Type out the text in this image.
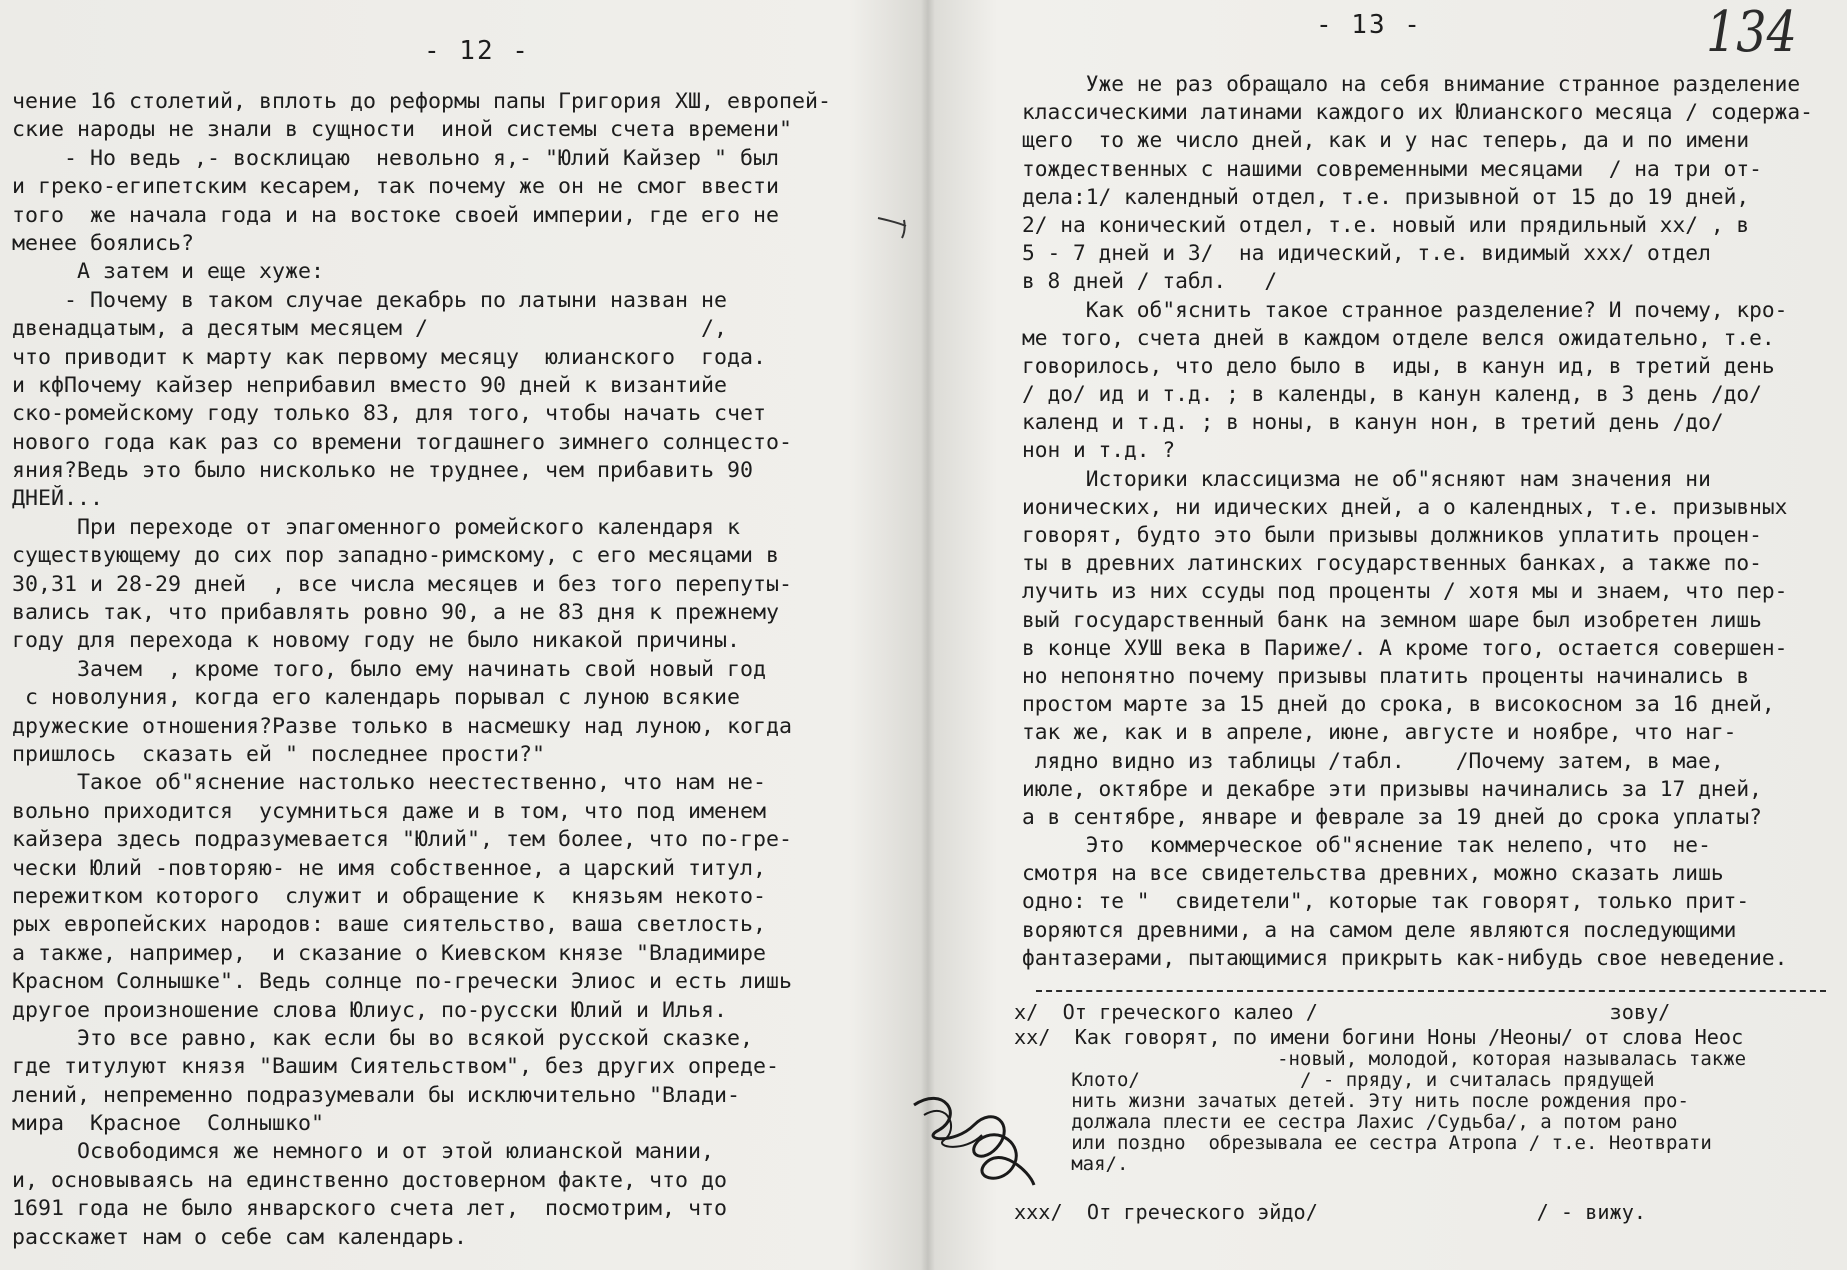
- 12 -
чение 16 столетий, вплоть до реформы папы Григория ХШ, европей-
ские народы не знали в сущности  иной системы счета времени"
- Но ведь ,- восклицаю  невольно я,- "Юлий Кайзер " был
и греко-египетским кесарем, так почему же он не смог ввести
того  же начала года и на востоке своей империи, где его не
менее боялись?
А затем и еще хуже:
- Почему в таком случае декабрь по латыни назван не
двенадцатым, а десятым месяцем /                     /,
что приводит к марту как первому месяцу  юлианского  года.
и кфПочему кайзер неприбавил вместо 90 дней к византийе
ско-ромейскому году только 83, для того, чтобы начать счет
нового года как раз со времени тогдашнего зимнего солнцесто-
яния?Ведь это было нисколько не труднее, чем прибавить 90
ДНЕЙ...
При переходе от эпагоменного ромейского календаря к
существующему до сих пор западно-римскому, с его месяцами в
30,31 и 28-29 дней  , все числа месяцев и без того перепуты-
вались так, что прибавлять ровно 90, а не 83 дня к прежнему
году для перехода к новому году не было никакой причины.
Зачем  , кроме того, было ему начинать свой новый год
с новолуния, когда его календарь порывал с луною всякие
дружеские отношения?Разве только в насмешку над луною, когда
пришлось  сказать ей " последнее прости?"
Такое об"яснение настолько неестественно, что нам не-
вольно приходится  усумниться даже и в том, что под именем
кайзера здесь подразумевается "Юлий", тем более, что по-гре-
чески Юлий -повторяю- не имя собственное, а царский титул,
пережитком которого  служит и обращение к  князьям некото-
рых европейских народов: ваше сиятельство, ваша светлость,
а также, например,  и сказание о Киевском князе "Владимире
Красном Солнышке". Ведь солнце по-гречески Элиос и есть лишь
другое произношение слова Юлиус, по-русски Юлий и Илья.
Это все равно, как если бы во всякой русской сказке,
где титулуют князя "Вашим Сиятельством", без других опреде-
лений, непременно подразумевали бы исключительно "Влади-
мира  Красное  Солнышко"
Освободимся же немного и от этой юлианской мании,
и, основываясь на единственно достоверном факте, что до
1691 года не было январского счета лет,  посмотрим, что
расскажет нам о себе сам календарь.
- 13 -	134
Уже не раз обращало на себя внимание странное разделение
классическими латинами каждого их Юлианского месяца / содержа-
щего  то же число дней, как и у нас теперь, да и по имени
тождественных с нашими современными месяцами  / на три от-
дела:1/ календный отдел, т.е. призывной от 15 до 19 дней,
2/ на конический отдел, т.е. новый или прядильный хх/ , в
5 - 7 дней и 3/  на идический, т.е. видимый ххх/ отдел
в 8 дней / табл.   /
Как об"яснить такое странное разделение? И почему, кро-
ме того, счета дней в каждом отделе велся ожидательно, т.е.
говорилось, что дело было в  иды, в канун ид, в третий день
/ до/ ид и т.д. ; в календы, в канун календ, в 3 день /до/
календ и т.д. ; в ноны, в канун нон, в третий день /до/
нон и т.д. ?
Историки классицизма не об"ясняют нам значения ни
ионических, ни идических дней, а о календных, т.е. призывных
говорят, будто это были призывы должников уплатить процен-
ты в древних латинских государственных банках, а также по-
лучить из них ссуды под проценты / хотя мы и знаем, что пер-
вый государственный банк на земном шаре был изобретен лишь
в конце ХУШ века в Париже/. А кроме того, остается совершен-
но непонятно почему призывы платить проценты начинались в
простом марте за 15 дней до срока, в високосном за 16 дней,
так же, как и в апреле, июне, августе и ноябре, что наг-
лядно видно из таблицы /табл.    /Почему затем, в мае,
июле, октябре и декабре эти призывы начинались за 17 дней,
а в сентябре, январе и феврале за 19 дней до срока уплаты?
Это  коммерческое об"яснение так нелепо, что  не-
смотря на все свидетельства древних, можно сказать лишь
одно: те "  свидетели", которые так говорят, только прит-
воряются древними, а на самом деле являются последующими
фантазерами, пытающимися прикрыть как-нибудь свое неведение.
x/  От греческого калео /                        зову/
xx/  Как говорят, по имени богини Ноны /Неоны/ от слова Неос
-новый, молодой, которая называлась также
Клото/              / - пряду, и считалась прядущей
нить жизни зачатых детей. Эту нить после рождения про-
должала плести ее сестра Лахис /Судьба/, а потом рано
или поздно  обрезывала ее сестра Атропа / т.е. Неотврати
мая/.
xxx/  От греческого эйдо/                  / - вижу.
